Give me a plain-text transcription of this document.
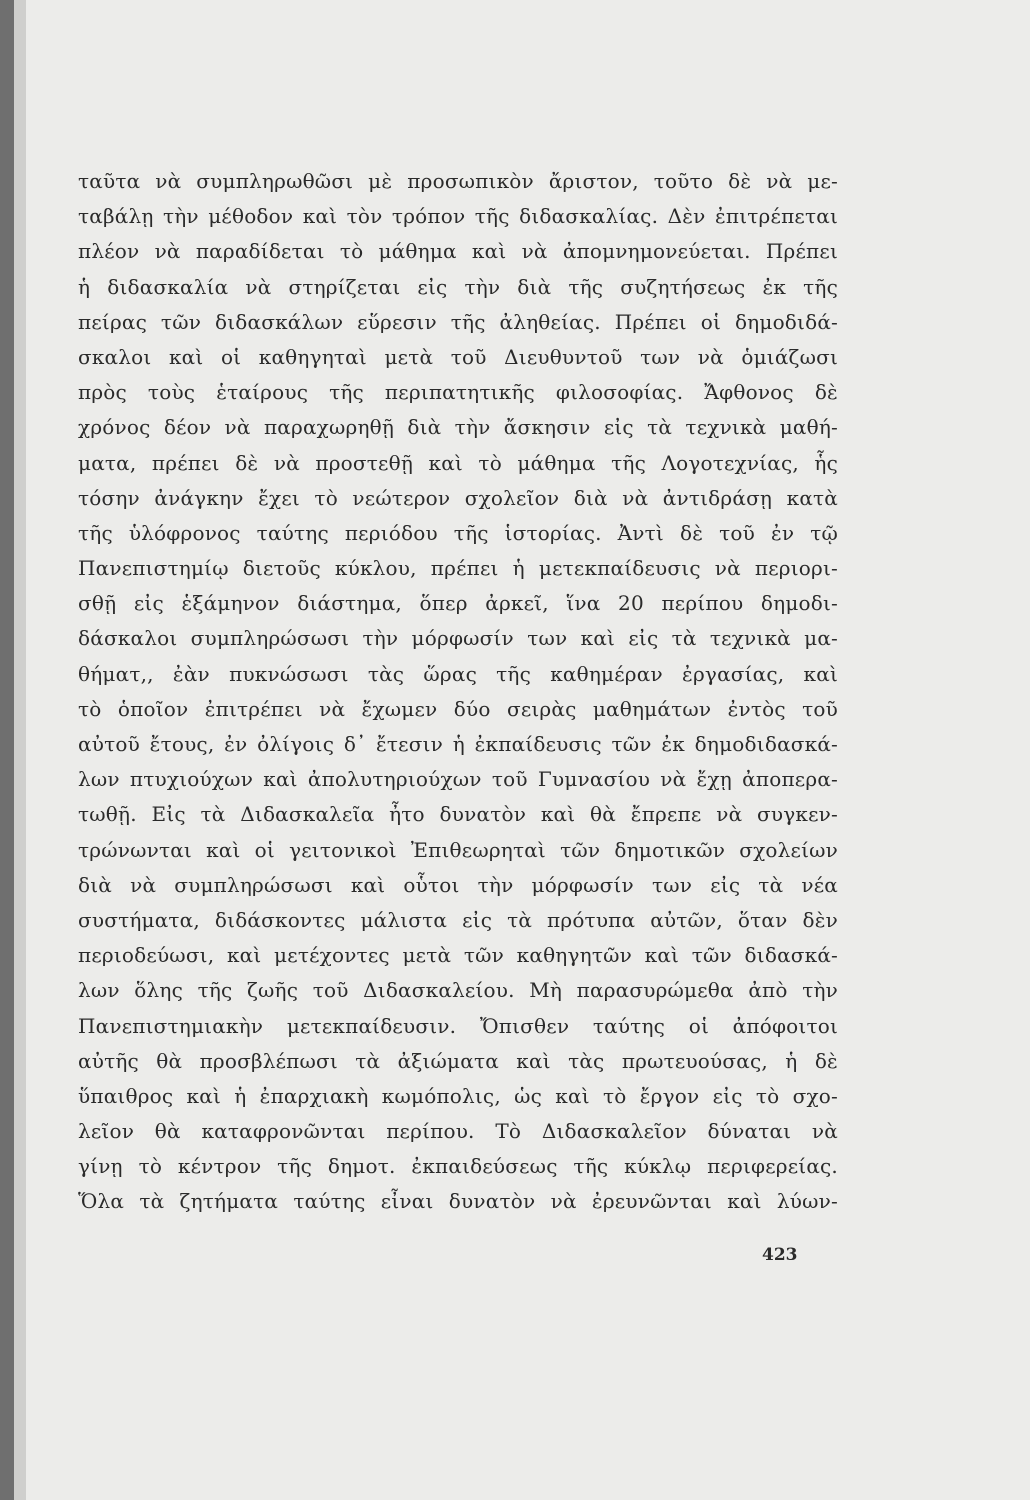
ταῦτα νὰ συμπληρωθῶσι μὲ προσωπικὸν ἄριστον, τοῦτο δὲ νὰ με-
ταβάλῃ τὴν μέθοδον καὶ τὸν τρόπον τῆς διδασκαλίας. Δὲν ἐπιτρέπεται
πλέον νὰ παραδίδεται τὸ μάθημα καὶ νὰ ἀπομνημονεύεται. Πρέπει
ἡ διδασκαλία νὰ στηρίζεται εἰς τὴν διὰ τῆς συζητήσεως ἐκ τῆς
πείρας τῶν διδασκάλων εὕρεσιν τῆς ἀληθείας. Πρέπει οἱ δημοδιδά-
σκαλοι καὶ οἱ καθηγηταὶ μετὰ τοῦ Διευθυντοῦ των νὰ ὁμιάζωσι
πρὸς τοὺς ἑταίρους τῆς περιπατητικῆς φιλοσοφίας. Ἄφθονος δὲ
χρόνος δέον νὰ παραχωρηθῇ διὰ τὴν ἄσκησιν εἰς τὰ τεχνικὰ μαθή-
ματα, πρέπει δὲ νὰ προστεθῇ καὶ τὸ μάθημα τῆς Λογοτεχνίας, ἧς
τόσην ἀνάγκην ἔχει τὸ νεώτερον σχολεῖον διὰ νὰ ἀντιδράσῃ κατὰ
τῆς ὑλόφρονος ταύτης περιόδου τῆς ἱστορίας. Ἀντὶ δὲ τοῦ ἐν τῷ
Πανεπιστημίῳ διετοῦς κύκλου, πρέπει ἡ μετεκπαίδευσις νὰ περιορι-
σθῇ εἰς ἑξάμηνον διάστημα, ὅπερ ἀρκεῖ, ἵνα 20 περίπου δημοδι-
δάσκαλοι συμπληρώσωσι τὴν μόρφωσίν των καὶ εἰς τὰ τεχνικὰ μα-
θήματ,, ἐὰν πυκνώσωσι τὰς ὥρας τῆς καθημέραν ἐργασίας, καὶ
τὸ ὁποῖον ἐπιτρέπει νὰ ἔχωμεν δύο σειρὰς μαθημάτων ἐντὸς τοῦ
αὐτοῦ ἔτους, ἐν ὀλίγοις δ᾽ ἔτεσιν ἡ ἐκπαίδευσις τῶν ἐκ δημοδιδασκά-
λων πτυχιούχων καὶ ἀπολυτηριούχων τοῦ Γυμνασίου νὰ ἔχῃ ἀποπερα-
τωθῇ. Εἰς τὰ Διδασκαλεῖα ἦτο δυνατὸν καὶ θὰ ἔπρεπε νὰ συγκεν-
τρώνωνται καὶ οἱ γειτονικοὶ Ἐπιθεωρηταὶ τῶν δημοτικῶν σχολείων
διὰ νὰ συμπληρώσωσι καὶ οὗτοι τὴν μόρφωσίν των εἰς τὰ νέα
συστήματα, διδάσκοντες μάλιστα εἰς τὰ πρότυπα αὐτῶν, ὅταν δὲν
περιοδεύωσι, καὶ μετέχοντες μετὰ τῶν καθηγητῶν καὶ τῶν διδασκά-
λων ὅλης τῆς ζωῆς τοῦ Διδασκαλείου. Μὴ παρασυρώμεθα ἀπὸ τὴν
Πανεπιστημιακὴν μετεκπαίδευσιν. Ὄπισθεν ταύτης οἱ ἀπόφοιτοι
αὐτῆς θὰ προσβλέπωσι τὰ ἀξιώματα καὶ τὰς πρωτευούσας, ἡ δὲ
ὕπαιθρος καὶ ἡ ἐπαρχιακὴ κωμόπολις, ὡς καὶ τὸ ἔργον εἰς τὸ σχο-
λεῖον θὰ καταφρονῶνται περίπου. Τὸ Διδασκαλεῖον δύναται νὰ
γίνῃ τὸ κέντρον τῆς δημοτ. ἐκπαιδεύσεως τῆς κύκλῳ περιφερείας.
Ὅλα τὰ ζητήματα ταύτης εἶναι δυνατὸν νὰ ἐρευνῶνται καὶ λύων-
423
